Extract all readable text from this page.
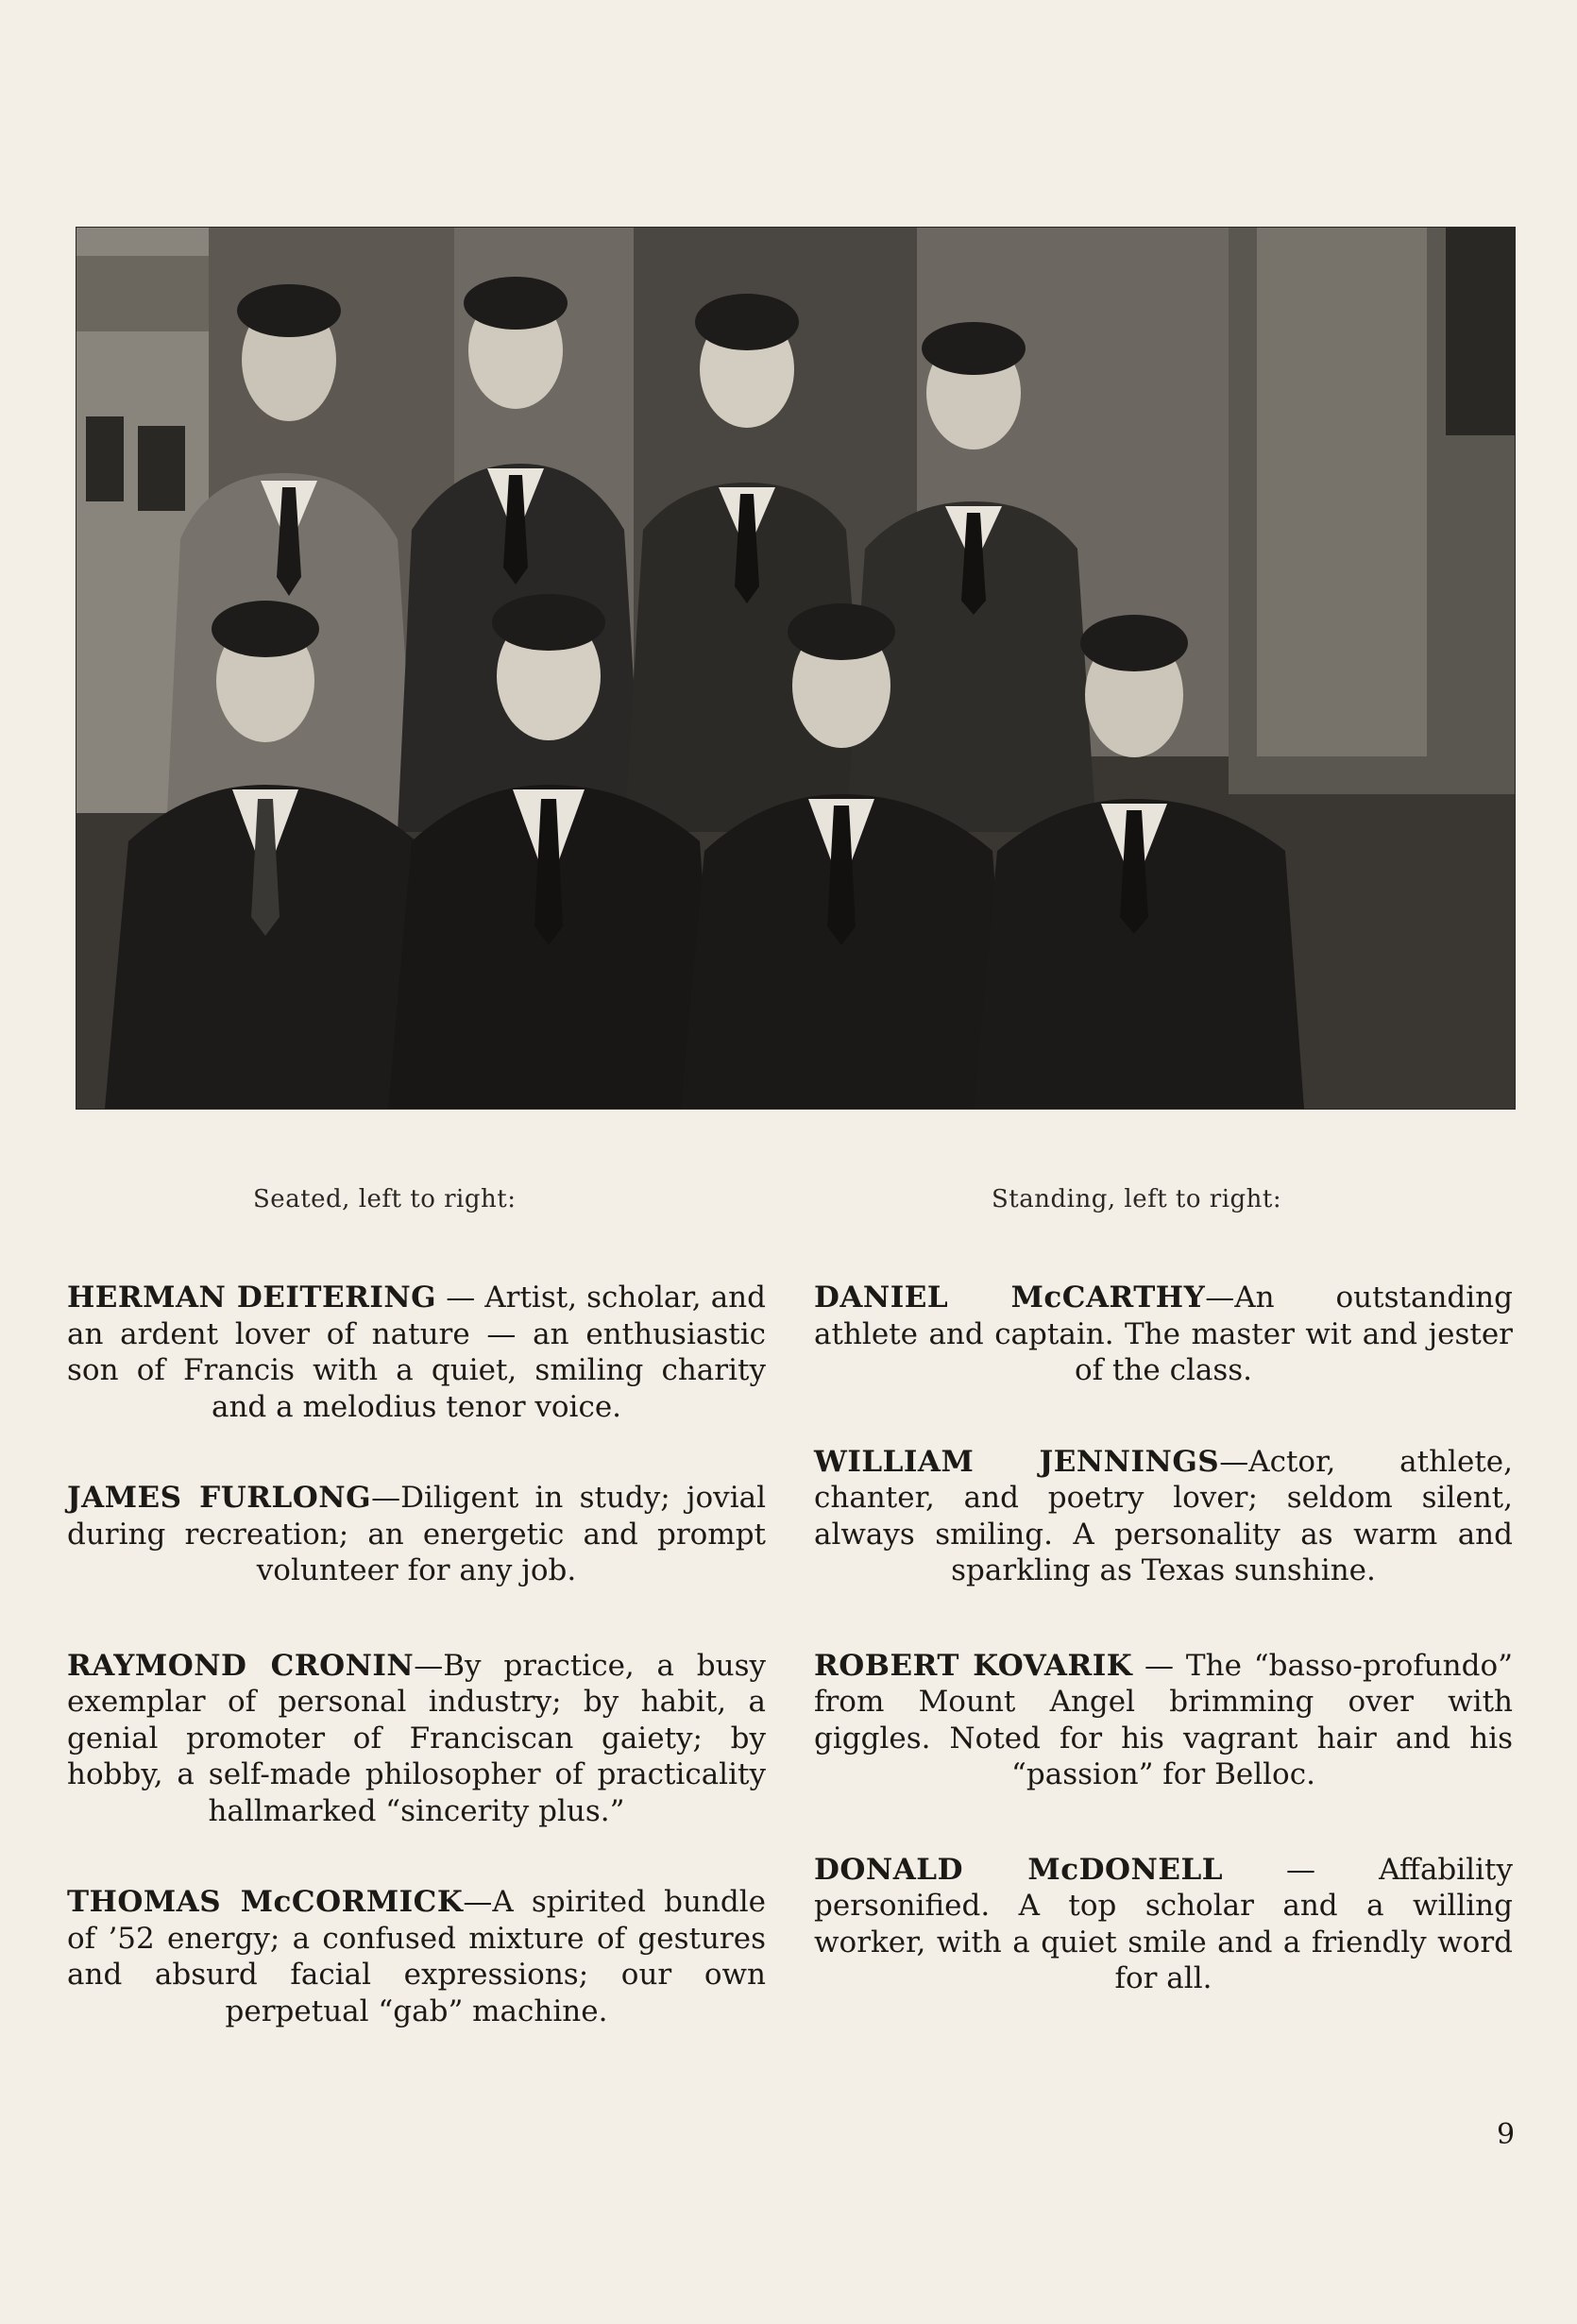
Seated, left to right:	Standing, left to right:

HERMAN DEITERING — Artist, scholar, and an ardent lover of nature — an enthusiastic son of Francis with a quiet, smiling charity and a melodius tenor voice.

JAMES FURLONG—Diligent in study; jovial during recreation; an energetic and prompt volunteer for any job.

RAYMOND CRONIN—By practice, a busy exemplar of personal industry; by habit, a genial promoter of Franciscan gaiety; by hobby, a self-made philosopher of practicality hallmarked “sincerity plus.”

THOMAS McCORMICK—A spirited bundle of ’52 energy; a confused mixture of gestures and absurd facial expressions; our own perpetual “gab” machine.

DANIEL McCARTHY—An outstanding athlete and captain. The master wit and jester of the class.

WILLIAM JENNINGS—Actor, athlete, chanter, and poetry lover; seldom silent, always smiling. A personality as warm and sparkling as Texas sunshine.

ROBERT KOVARIK — The “basso-profundo” from Mount Angel brimming over with giggles. Noted for his vagrant hair and his “passion” for Belloc.

DONALD McDONELL — Affability personified. A top scholar and a willing worker, with a quiet smile and a friendly word for all.

9
